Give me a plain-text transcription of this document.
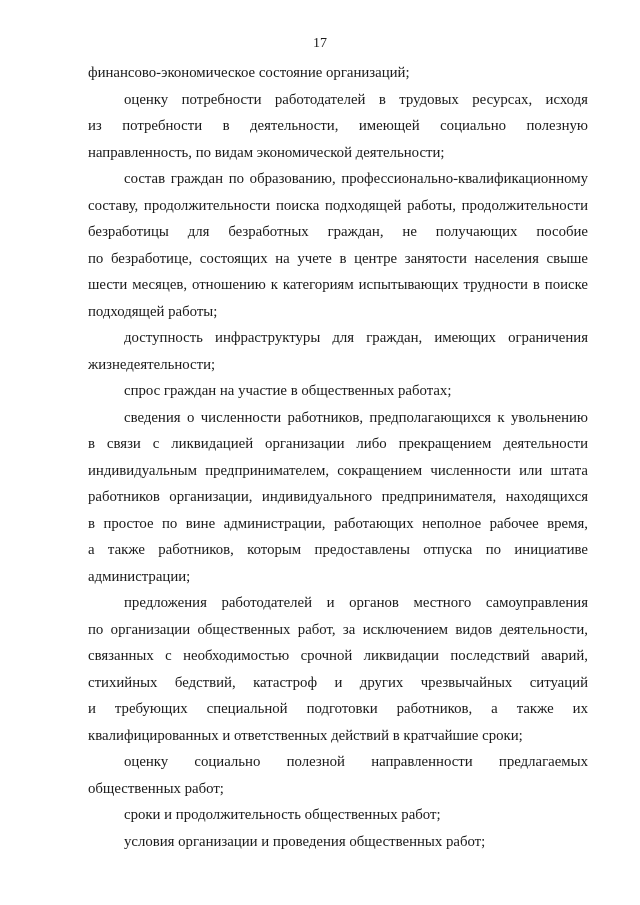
17
финансово-экономическое состояние организаций;
оценку потребности работодателей в трудовых ресурсах, исходя
из потребности в деятельности, имеющей социально полезную
направленность, по видам экономической деятельности;
состав граждан по образованию, профессионально-квалификационному
составу, продолжительности поиска подходящей работы, продолжительности
безработицы для безработных граждан, не получающих пособие
по безработице, состоящих на учете в центре занятости населения свыше
шести месяцев, отношению к категориям испытывающих трудности в поиске
подходящей работы;
доступность инфраструктуры для граждан, имеющих ограничения
жизнедеятельности;
спрос граждан на участие в общественных работах;
сведения о численности работников, предполагающихся к увольнению
в связи с ликвидацией организации либо прекращением деятельности
индивидуальным предпринимателем, сокращением численности или штата
работников организации, индивидуального предпринимателя, находящихся
в простое по вине администрации, работающих неполное рабочее время,
а также работников, которым предоставлены отпуска по инициативе
администрации;
предложения работодателей и органов местного самоуправления
по организации общественных работ, за исключением видов деятельности,
связанных с необходимостью срочной ликвидации последствий аварий,
стихийных бедствий, катастроф и других чрезвычайных ситуаций
и требующих специальной подготовки работников, а также их
квалифицированных и ответственных действий в кратчайшие сроки;
оценку социально полезной направленности предлагаемых
общественных работ;
сроки и продолжительность общественных работ;
условия организации и проведения общественных работ;
